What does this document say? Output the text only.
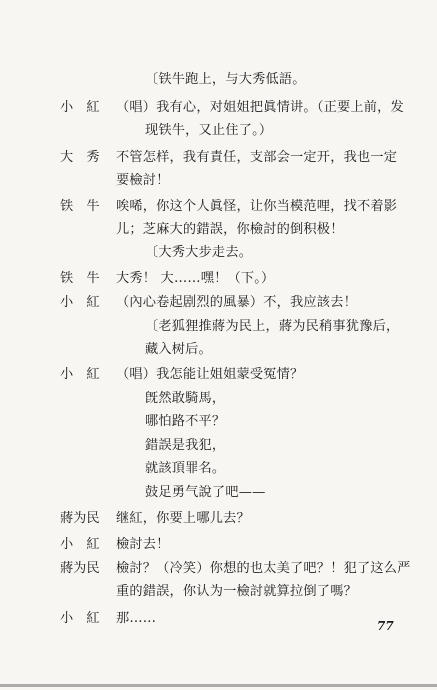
〔铁牛跑上，与大秀低語。
小　紅	（唱）我有心，对姐姐把眞情讲。（正要上前，发
现铁牛，又止住了。）
大　秀	不管怎样，我有責任，支部会一定开，我也一定
要檢討！
铁　牛	唉唏，你这个人眞怪，让你当模范哩，找不着影
儿；芝麻大的錯誤，你檢討的倒积极！
〔大秀大步走去。
铁　牛	大秀！ 大……嘿！（下。）
小　紅	（內心卷起剧烈的風暴）不，我应該去！
〔老狐狸推蔣为民上，蔣为民稍事犹豫后，
藏入树后。
小　紅	（唱）我怎能让姐姐蒙受冤情？
旣然敢騎馬，
哪怕路不平？
錯誤是我犯，
就該頂罪名。
鼓足勇气說了吧——
蔣为民	继紅，你要上哪儿去？
小　紅	檢討去！
蔣为民	檢討？（冷笑）你想的也太美了吧？！犯了这么严
重的錯誤，你认为一檢討就算拉倒了嗎？
小　紅	那……	77
